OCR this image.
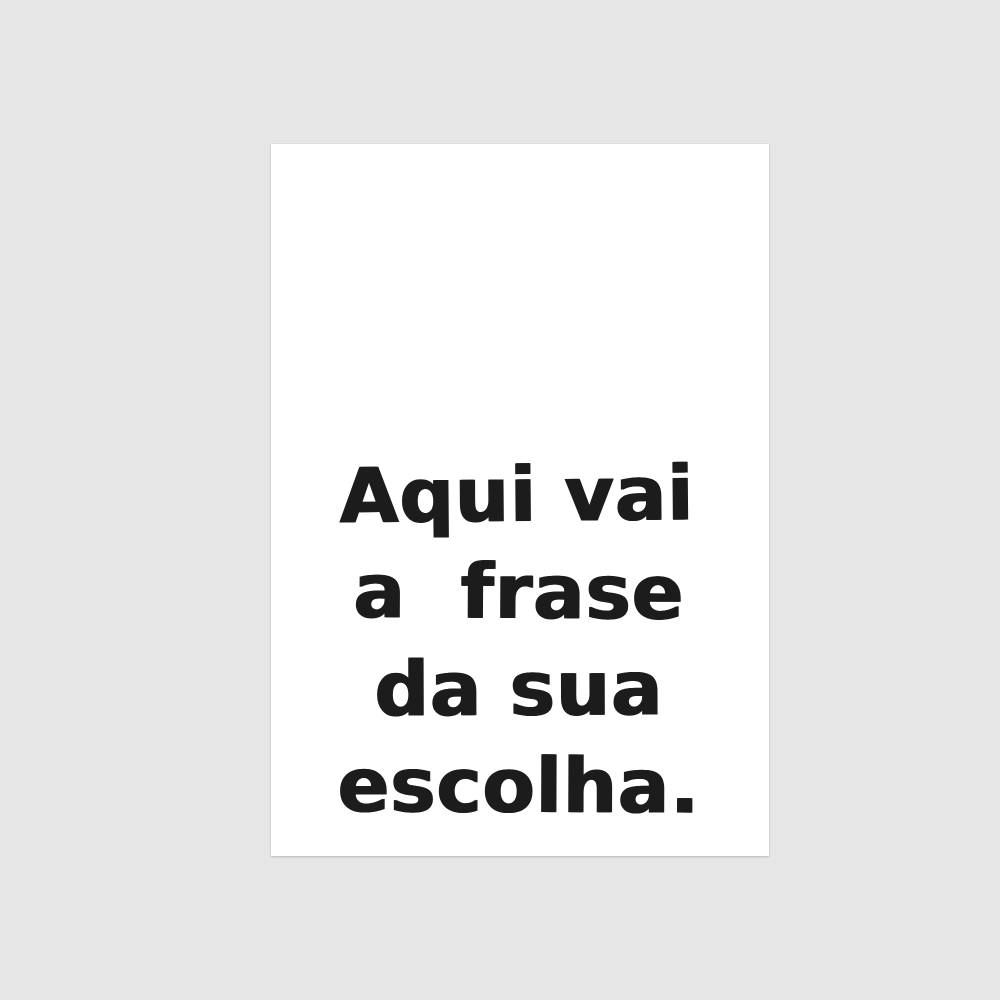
Aqui vai
a  frase
da sua
escolha.
